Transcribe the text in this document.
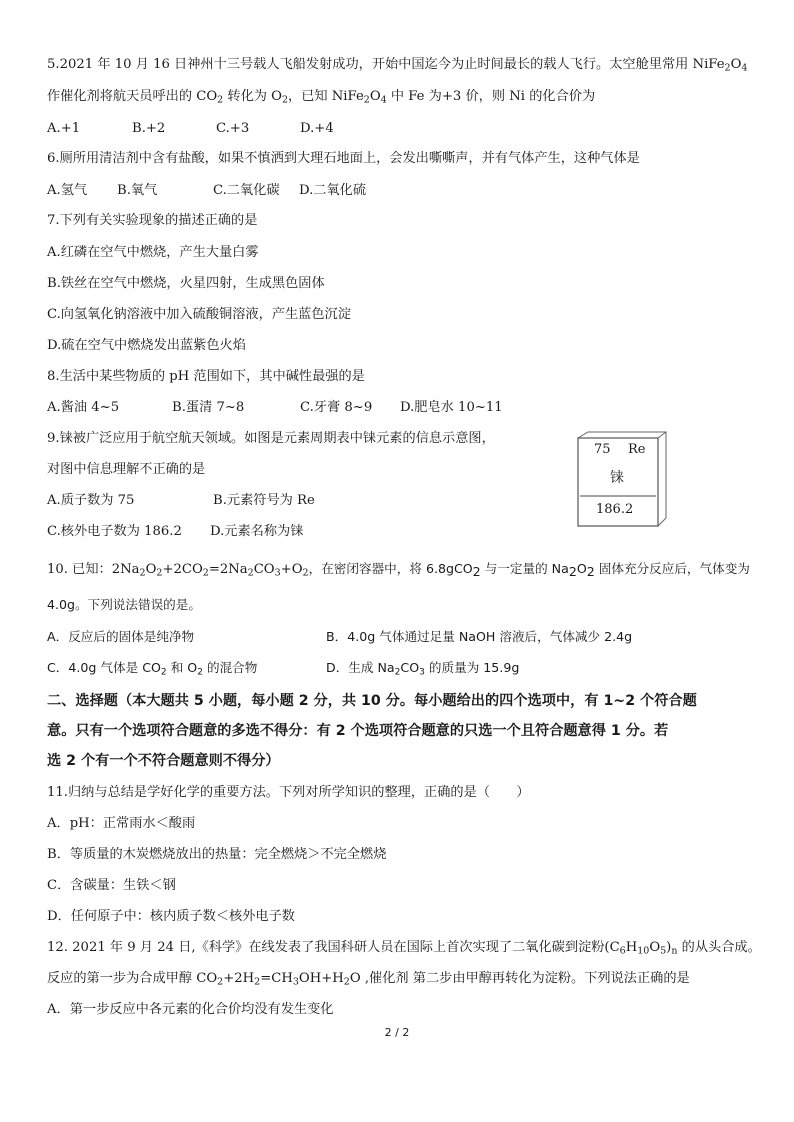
5.2021 年 10 月 16 日神州十三号载人飞船发射成功，开始中国迄今为止时间最长的载人飞行。太空舱里常用 $NiFe_2O_4$
作催化剂将航天员呼出的 $CO_2$ 转化为 $O_2$，已知 $NiFe_2O_4$ 中 Fe 为+3 价，则 Ni 的化合价为
A.+1	B.+2	C.+3	D.+4
6.厕所用清洁剂中含有盐酸，如果不慎洒到大理石地面上，会发出嘶嘶声，并有气体产生，这种气体是
A.氢气 B.氧气	C.二氧化碳 D.二氧化硫
7.下列有关实验现象的描述正确的是
A.红磷在空气中燃烧，产生大量白雾
B.铁丝在空气中燃烧，火星四射，生成黑色固体
C.向氢氧化钠溶液中加入硫酸铜溶液，产生蓝色沉淀
D.硫在空气中燃烧发出蓝紫色火焰
8.生活中某些物质的 pH 范围如下，其中碱性最强的是
A.酱油 4~5	B.蛋清 7~8	C.牙膏 8~9 D.肥皂水 10~11
9.铼被广泛应用于航空航天领域。如图是元素周期表中铼元素的信息示意图，
对图中信息理解不正确的是
A.质子数为 75	B.元素符号为 Re
C.核外电子数为 186.2 D.元素名称为铼
75 Re
铼
186.2
10. 已知：$2Na_2O_2+2CO_2=2Na_2CO_3+O_2$，在密闭容器中，将 6.8gCO$_2$ 与一定量的 $Na_2O_2$ 固体充分反应后，气体变为
4.0g。下列说法错误的是。
A．反应后的固体是纯净物	B．4.0g 气体通过足量 NaOH 溶液后，气体减少 2.4g
C．4.0g 气体是 $CO_2$ 和 $O_2$ 的混合物	D．生成 $Na_2CO_3$ 的质量为 15.9g
二、选择题（本大题共 5 小题，每小题 2 分，共 10 分。每小题给出的四个选项中，有 1~2 个符合题
意。只有一个选项符合题意的多选不得分：有 2 个选项符合题意的只选一个且符合题意得 1 分。若
选 2 个有一个不符合题意则不得分）
11.归纳与总结是学好化学的重要方法。下列对所学知识的整理，正确的是（　　）
A．pH：正常雨水＜酸雨
B．等质量的木炭燃烧放出的热量：完全燃烧＞不完全燃烧
C．含碳量：生铁＜钢
D．任何原子中：核内质子数＜核外电子数
12. 2021 年 9 月 24 日,《科学》在线发表了我国科研人员在国际上首次实现了二氧化碳到淀粉$(C_6H_{10}O_5)_n$ 的从头合成。
反应的第一步为合成甲醇 $CO_2+2H_2=CH_3OH+H_2O$ ,催化剂 第二步由甲醇再转化为淀粉。下列说法正确的是
A．第一步反应中各元素的化合价均没有发生变化
2 / 2
